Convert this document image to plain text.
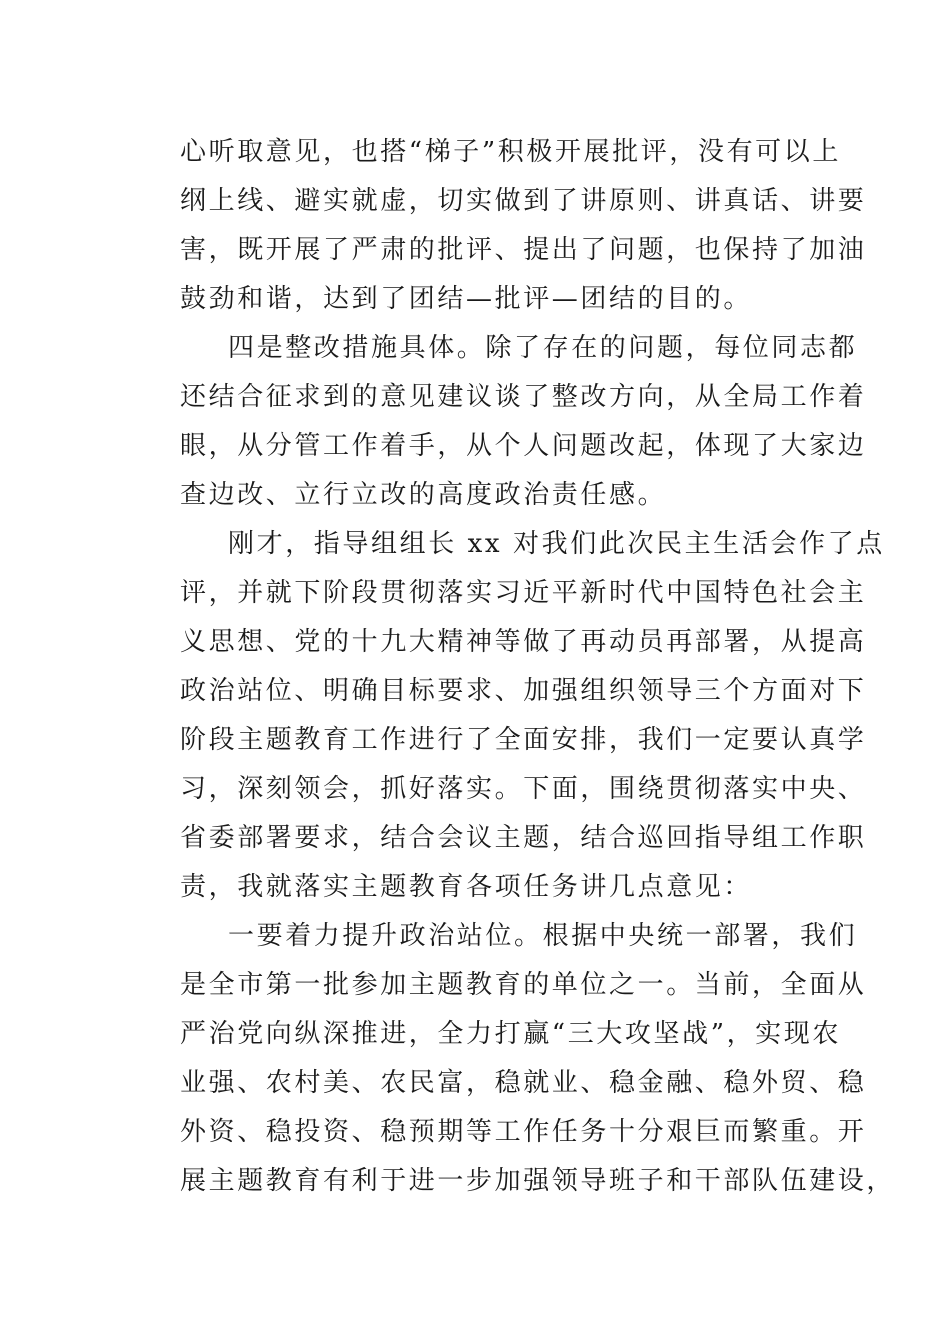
心听取意见，也搭“梯子”积极开展批评，没有可以上
纲上线、避实就虚，切实做到了讲原则、讲真话、讲要
害，既开展了严肃的批评、提出了问题，也保持了加油
鼓劲和谐，达到了团结—批评—团结的目的。
四是整改措施具体。除了存在的问题，每位同志都
还结合征求到的意见建议谈了整改方向，从全局工作着
眼，从分管工作着手，从个人问题改起，体现了大家边
查边改、立行立改的高度政治责任感。
刚才，指导组组长 xx 对我们此次民主生活会作了点
评，并就下阶段贯彻落实习近平新时代中国特色社会主
义思想、党的十九大精神等做了再动员再部署，从提高
政治站位、明确目标要求、加强组织领导三个方面对下
阶段主题教育工作进行了全面安排，我们一定要认真学
习，深刻领会，抓好落实。下面，围绕贯彻落实中央、
省委部署要求，结合会议主题，结合巡回指导组工作职
责，我就落实主题教育各项任务讲几点意见：
一要着力提升政治站位。根据中央统一部署，我们
是全市第一批参加主题教育的单位之一。当前，全面从
严治党向纵深推进，全力打赢“三大攻坚战”，实现农
业强、农村美、农民富，稳就业、稳金融、稳外贸、稳
外资、稳投资、稳预期等工作任务十分艰巨而繁重。开
展主题教育有利于进一步加强领导班子和干部队伍建设，
